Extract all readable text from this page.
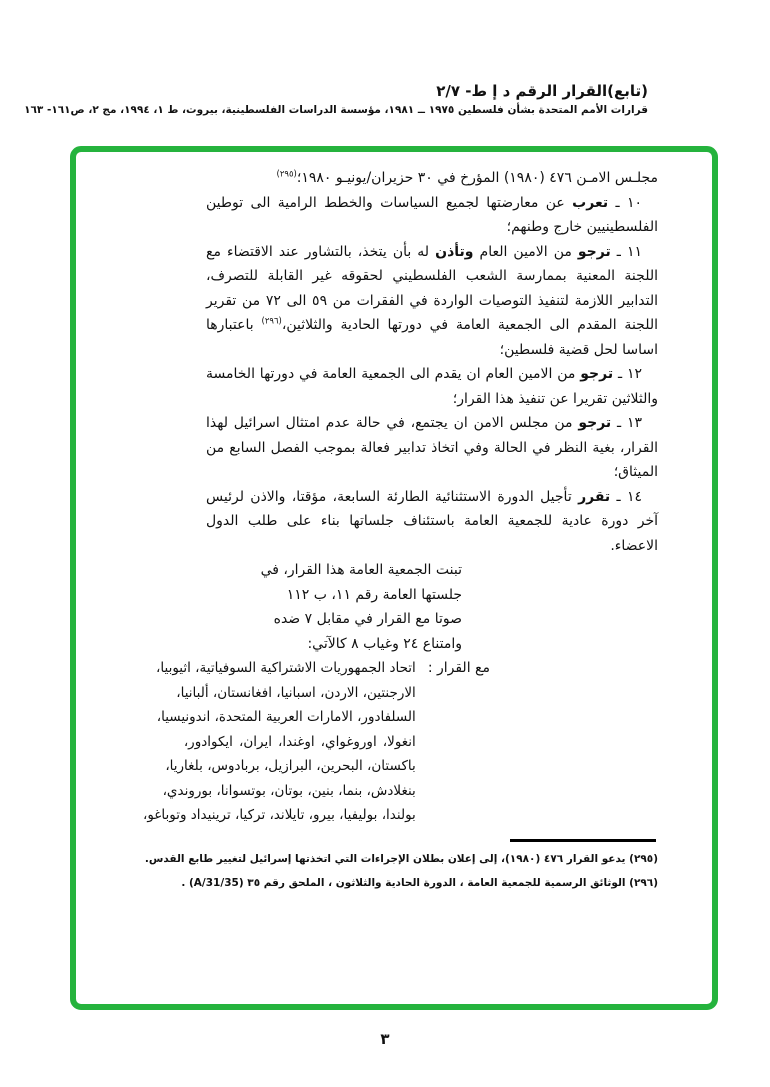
(تابع)القرار الرقم د إ ط- ٢/٧
قرارات الأمم المتحدة بشأن فلسطين ١٩٧٥ ــ ١٩٨١، مؤسسة الدراسات الفلسطينية، بيروت، ط ١، ١٩٩٤، مج ٢، ص١٦١- ١٦٣

مجلـس الامـن ٤٧٦ (١٩٨٠) المؤرخ في ٣٠ حزيران/يونيـو ١٩٨٠؛$^{(٢٩٥)}$

١٠ ـ تعرب عن معارضتها لجميع السياسات والخطط الرامية الى توطين الفلسطينيين خارج وطنهم؛

١١ ـ ترجو من الامين العام وتأذن له بأن يتخذ، بالتشاور عند الاقتضاء مع اللجنة المعنية بممارسة الشعب الفلسطيني لحقوقه غير القابلة للتصرف، التدابير اللازمة لتنفيذ التوصيات الواردة في الفقرات من ٥٩ الى ٧٢ من تقرير اللجنة المقدم الى الجمعية العامة في دورتها الحادية والثلاثين،$^{(٢٩٦)}$ باعتبارها اساسا لحل قضية فلسطين؛

١٢ ـ ترجو من الامين العام ان يقدم الى الجمعية العامة في دورتها الخامسة والثلاثين تقريرا عن تنفيذ هذا القرار؛

١٣ ـ ترجو من مجلس الامن ان يجتمع، في حالة عدم امتثال اسرائيل لهذا القرار، بغية النظر في الحالة وفي اتخاذ تدابير فعالة بموجب الفصل السابع من الميثاق؛

١٤ ـ تقرر تأجيل الدورة الاستثنائية الطارئة السابعة، مؤقتا، والاذن لرئيس آخر دورة عادية للجمعية العامة باستئناف جلساتها بناء على طلب الدول الاعضاء.

تبنت الجمعية العامة هذا القرار، في
جلستها العامة رقم ١١، ب ١١٢
صوتا مع القرار في مقابل ٧ ضده
وامتناع ٢٤ وغياب ٨ كالآتي:
مع القرار :
اتحاد الجمهوريات الاشتراكية السوفياتية، اثيوبيا،
الارجنتين، الاردن، اسبانيا، افغانستان، ألبانيا،
السلفادور، الامارات العربية المتحدة، اندونيسيا،
انغولا، اوروغواي، اوغندا، ايران، ايكوادور،
باكستان، البحرين، البرازيل، بربادوس، بلغاريا،
بنغلادش، بنما، بنين، بوتان، بوتسوانا، بوروندي،
بولندا، بوليفيا، بيرو، تايلاند، تركيا، ترينيداد وتوباغو،
(٢٩٥) يدعو القرار ٤٧٦ (١٩٨٠)، إلى إعلان بطلان الإجراءات التي اتخذتها إسرائيل لتغيير طابع القدس.
(٢٩٦) الوثائق الرسمية للجمعية العامة ، الدورة الحادية والثلاثون ، الملحق رقم ٣٥ (A/31/35) .
٣
